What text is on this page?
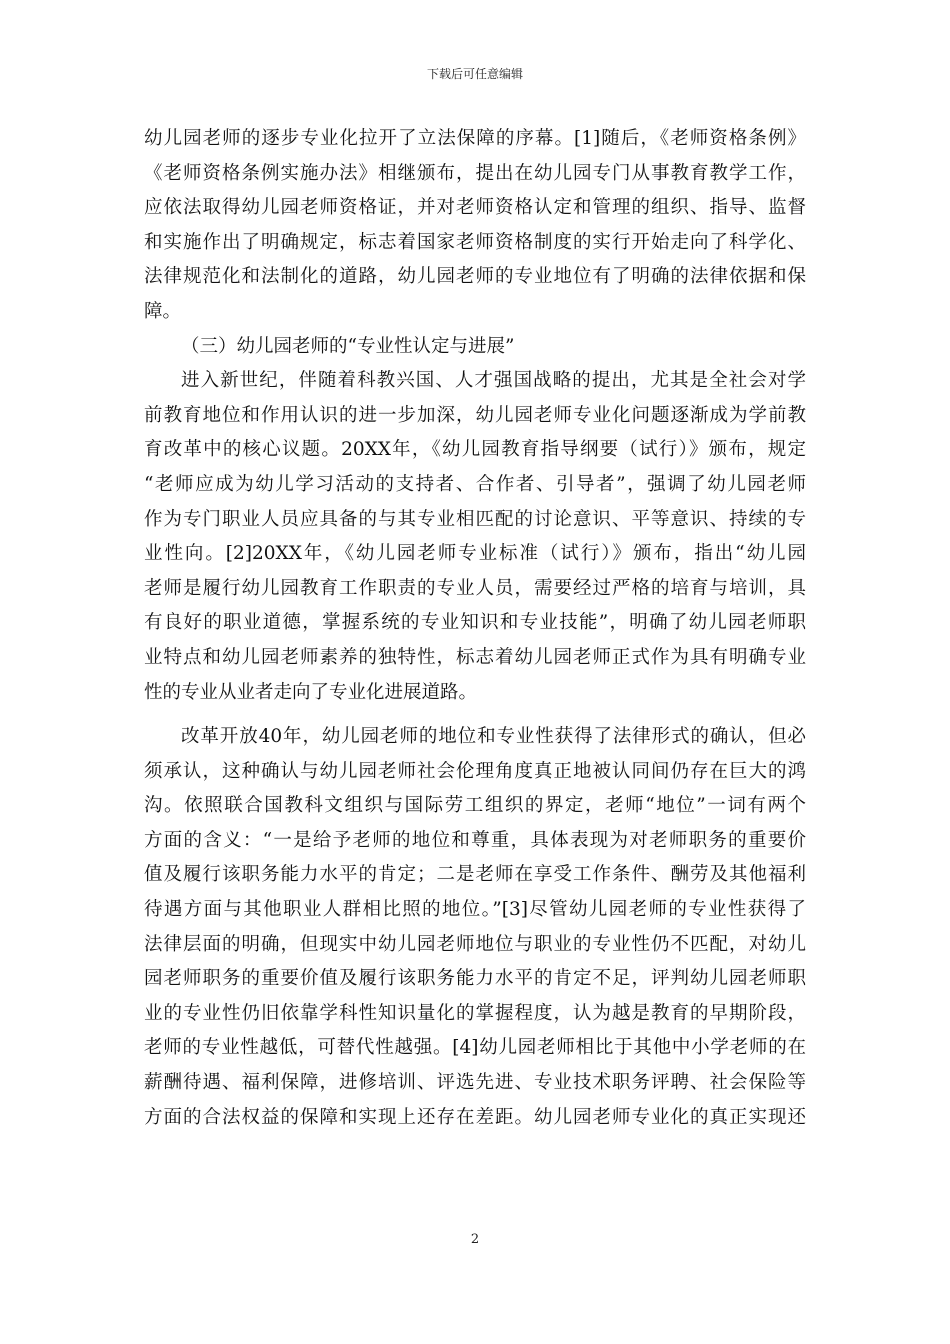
下载后可任意编辑
幼儿园老师的逐步专业化拉开了立法保障的序幕。[1]随后，《老师资格条例》
《老师资格条例实施办法》相继颁布，提出在幼儿园专门从事教育教学工作，
应依法取得幼儿园老师资格证，并对老师资格认定和管理的组织、指导、监督
和实施作出了明确规定，标志着国家老师资格制度的实行开始走向了科学化、
法律规范化和法制化的道路，幼儿园老师的专业地位有了明确的法律依据和保
障。
（三）幼儿园老师的“专业性认定与进展”
进入新世纪，伴随着科教兴国、人才强国战略的提出，尤其是全社会对学
前教育地位和作用认识的进一步加深，幼儿园老师专业化问题逐渐成为学前教
育改革中的核心议题。20XX年，《幼儿园教育指导纲要（试行）》颁布，规定
“老师应成为幼儿学习活动的支持者、合作者、引导者”，强调了幼儿园老师
作为专门职业人员应具备的与其专业相匹配的讨论意识、平等意识、持续的专
业性向。[2]20XX年，《幼儿园老师专业标准（试行）》颁布，指出“幼儿园
老师是履行幼儿园教育工作职责的专业人员，需要经过严格的培育与培训，具
有良好的职业道德，掌握系统的专业知识和专业技能”，明确了幼儿园老师职
业特点和幼儿园老师素养的独特性，标志着幼儿园老师正式作为具有明确专业
性的专业从业者走向了专业化进展道路。
改革开放40年，幼儿园老师的地位和专业性获得了法律形式的确认，但必
须承认，这种确认与幼儿园老师社会伦理角度真正地被认同间仍存在巨大的鸿
沟。依照联合国教科文组织与国际劳工组织的界定，老师“地位”一词有两个
方面的含义：“一是给予老师的地位和尊重，具体表现为对老师职务的重要价
值及履行该职务能力水平的肯定；二是老师在享受工作条件、酬劳及其他福利
待遇方面与其他职业人群相比照的地位。”[3]尽管幼儿园老师的专业性获得了
法律层面的明确，但现实中幼儿园老师地位与职业的专业性仍不匹配，对幼儿
园老师职务的重要价值及履行该职务能力水平的肯定不足，评判幼儿园老师职
业的专业性仍旧依靠学科性知识量化的掌握程度，认为越是教育的早期阶段，
老师的专业性越低，可替代性越强。[4]幼儿园老师相比于其他中小学老师的在
薪酬待遇、福利保障，进修培训、评选先进、专业技术职务评聘、社会保险等
方面的合法权益的保障和实现上还存在差距。幼儿园老师专业化的真正实现还
2
